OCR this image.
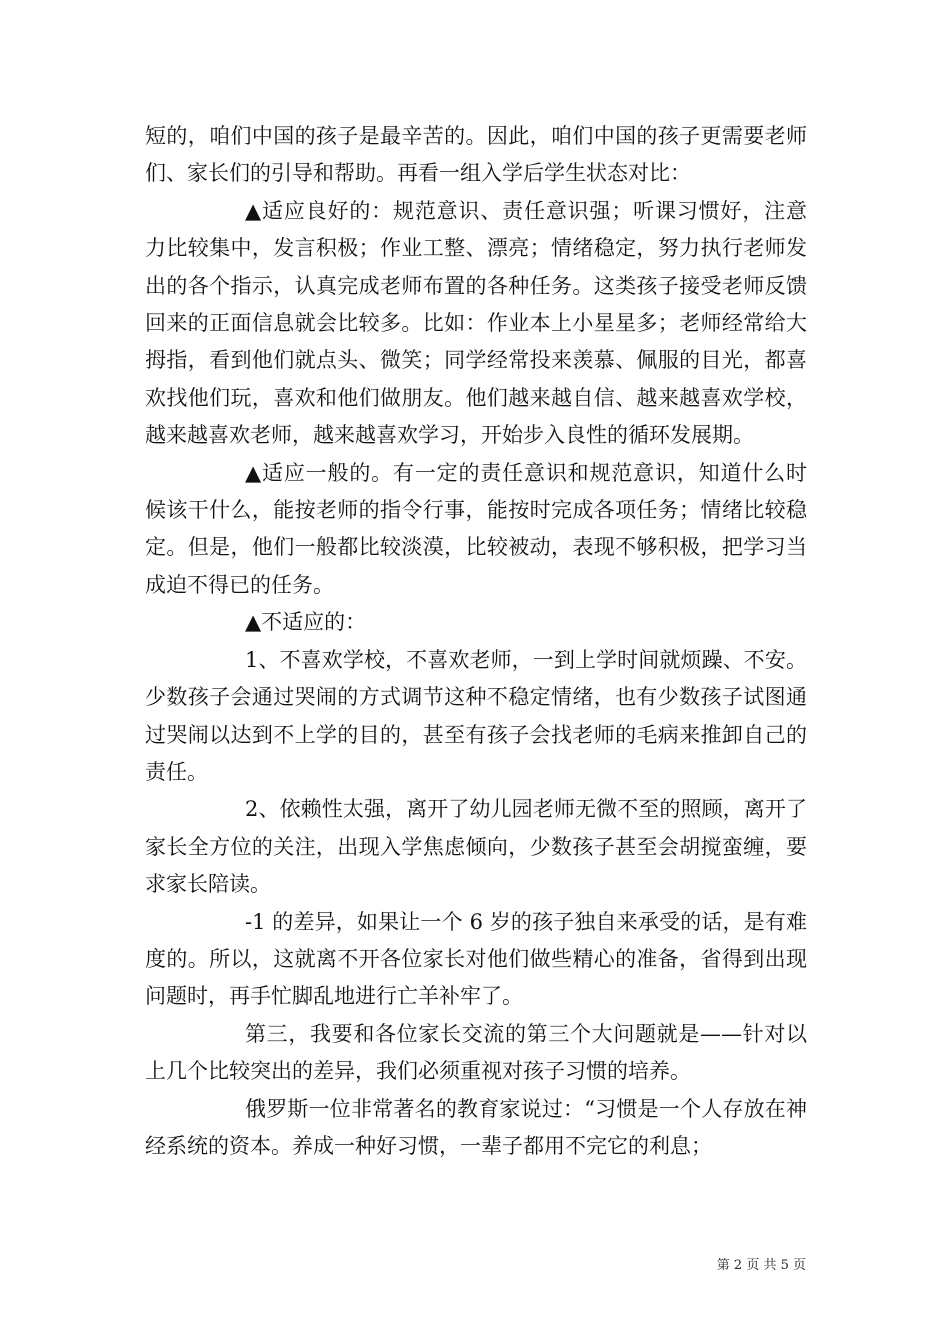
短的，咱们中国的孩子是最辛苦的。因此，咱们中国的孩子更需要老师们、家长们的引导和帮助。再看一组入学后学生状态对比：

▲适应良好的：规范意识、责任意识强；听课习惯好，注意力比较集中，发言积极；作业工整、漂亮；情绪稳定，努力执行老师发出的各个指示，认真完成老师布置的各种任务。这类孩子接受老师反馈回来的正面信息就会比较多。比如：作业本上小星星多；老师经常给大拇指，看到他们就点头、微笑；同学经常投来羡慕、佩服的目光，都喜欢找他们玩，喜欢和他们做朋友。他们越来越自信、越来越喜欢学校，越来越喜欢老师，越来越喜欢学习，开始步入良性的循环发展期。

▲适应一般的。有一定的责任意识和规范意识，知道什么时候该干什么，能按老师的指令行事，能按时完成各项任务；情绪比较稳定。但是，他们一般都比较淡漠，比较被动，表现不够积极，把学习当成迫不得已的任务。

▲不适应的：

1、不喜欢学校，不喜欢老师，一到上学时间就烦躁、不安。少数孩子会通过哭闹的方式调节这种不稳定情绪，也有少数孩子试图通过哭闹以达到不上学的目的，甚至有孩子会找老师的毛病来推卸自己的责任。

2、依赖性太强，离开了幼儿园老师无微不至的照顾，离开了家长全方位的关注，出现入学焦虑倾向，少数孩子甚至会胡搅蛮缠，要求家长陪读。

-1 的差异，如果让一个 6 岁的孩子独自来承受的话，是有难度的。所以，这就离不开各位家长对他们做些精心的准备，省得到出现问题时，再手忙脚乱地进行亡羊补牢了。

第三，我要和各位家长交流的第三个大问题就是——针对以上几个比较突出的差异，我们必须重视对孩子习惯的培养。

俄罗斯一位非常著名的教育家说过：“习惯是一个人存放在神经系统的资本。养成一种好习惯，一辈子都用不完它的利息；

第 2 页 共 5 页
